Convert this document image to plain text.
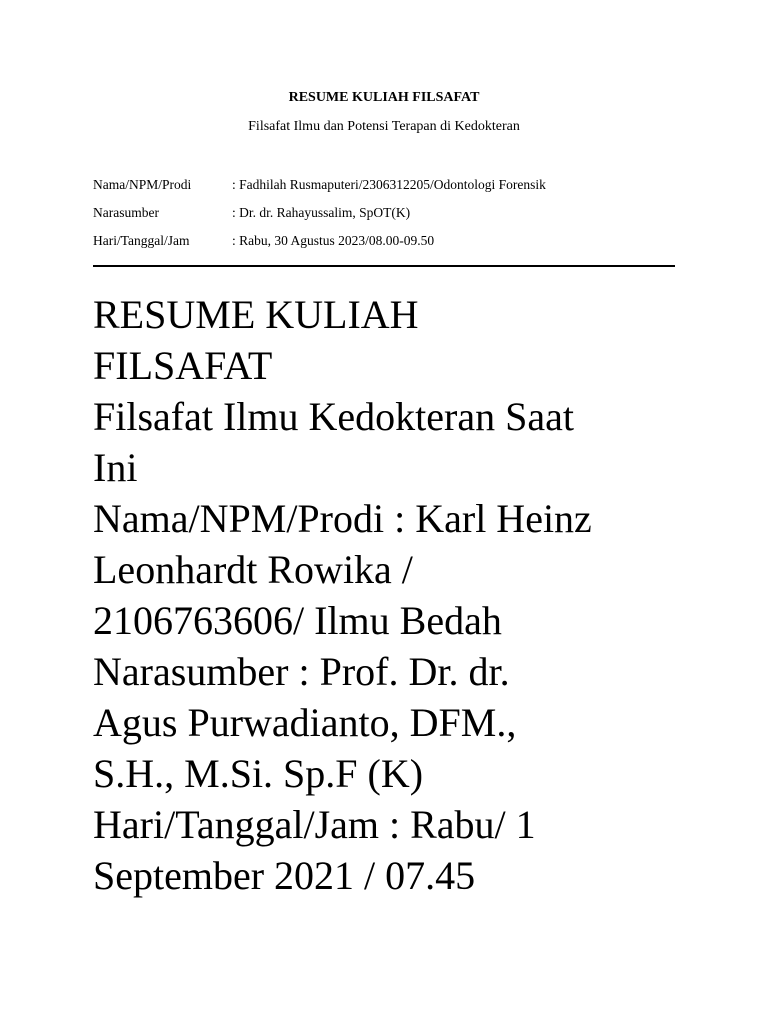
RESUME KULIAH FILSAFAT
Filsafat Ilmu dan Potensi Terapan di Kedokteran
Nama/NPM/Prodi	: Fadhilah Rusmaputeri/2306312205/Odontologi Forensik
Narasumber	: Dr. dr. Rahayussalim, SpOT(K)
Hari/Tanggal/Jam	: Rabu, 30 Agustus 2023/08.00-09.50
RESUME KULIAH
FILSAFAT
Filsafat Ilmu Kedokteran Saat
Ini
Nama/NPM/Prodi : Karl Heinz
Leonhardt Rowika /
2106763606/ Ilmu Bedah
Narasumber : Prof. Dr. dr.
Agus Purwadianto, DFM.,
S.H., M.Si. Sp.F (K)
Hari/Tanggal/Jam : Rabu/ 1
September 2021 / 07.45
